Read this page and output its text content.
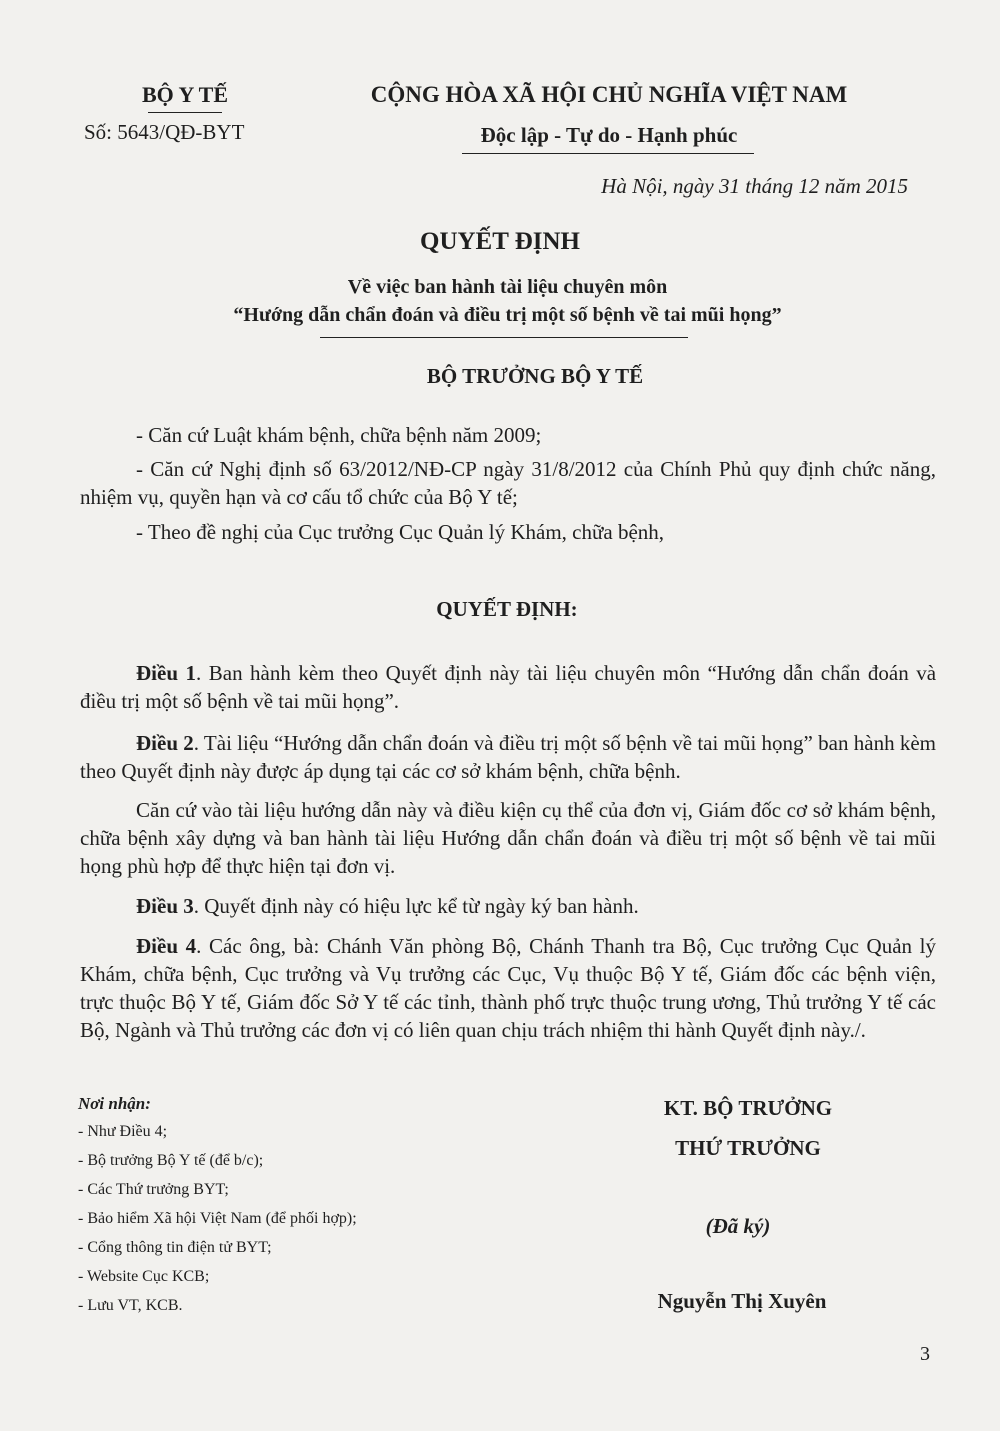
BỘ Y TẾ
Số: 5643/QĐ-BYT
CỘNG HÒA XÃ HỘI CHỦ NGHĨA VIỆT NAM
Độc lập - Tự do - Hạnh phúc
Hà Nội, ngày 31 tháng 12 năm 2015
QUYẾT ĐỊNH
Về việc ban hành tài liệu chuyên môn
“Hướng dẫn chẩn đoán và điều trị một số bệnh về tai mũi họng”
BỘ TRƯỞNG BỘ Y TẾ
- Căn cứ Luật khám bệnh, chữa bệnh năm 2009;
- Căn cứ Nghị định số 63/2012/NĐ-CP ngày 31/8/2012 của Chính Phủ quy định chức năng, nhiệm vụ, quyền hạn và cơ cấu tổ chức của Bộ Y tế;
- Theo đề nghị của Cục trưởng Cục Quản lý Khám, chữa bệnh,
QUYẾT ĐỊNH:
Điều 1. Ban hành kèm theo Quyết định này tài liệu chuyên môn “Hướng dẫn chẩn đoán và điều trị một số bệnh về tai mũi họng”.
Điều 2. Tài liệu “Hướng dẫn chẩn đoán và điều trị một số bệnh về tai mũi họng” ban hành kèm theo Quyết định này được áp dụng tại các cơ sở khám bệnh, chữa bệnh.
Căn cứ vào tài liệu hướng dẫn này và điều kiện cụ thể của đơn vị, Giám đốc cơ sở khám bệnh, chữa bệnh xây dựng và ban hành tài liệu Hướng dẫn chẩn đoán và điều trị một số bệnh về tai mũi họng phù hợp để thực hiện tại đơn vị.
Điều 3. Quyết định này có hiệu lực kể từ ngày ký ban hành.
Điều 4. Các ông, bà: Chánh Văn phòng Bộ, Chánh Thanh tra Bộ, Cục trưởng Cục Quản lý Khám, chữa bệnh, Cục trưởng và Vụ trưởng các Cục, Vụ thuộc Bộ Y tế, Giám đốc các bệnh viện, trực thuộc Bộ Y tế, Giám đốc Sở Y tế các tỉnh, thành phố trực thuộc trung ương, Thủ trưởng Y tế các Bộ, Ngành và Thủ trưởng các đơn vị có liên quan chịu trách nhiệm thi hành Quyết định này./.
Nơi nhận:
- Như Điều 4;
- Bộ trưởng Bộ Y tế (để b/c);
- Các Thứ trưởng BYT;
- Bảo hiểm Xã hội Việt Nam (để phối hợp);
- Cổng thông tin điện tử BYT;
- Website Cục KCB;
- Lưu VT, KCB.
KT. BỘ TRƯỞNG
THỨ TRƯỞNG
(Đã ký)
Nguyễn Thị Xuyên
3
